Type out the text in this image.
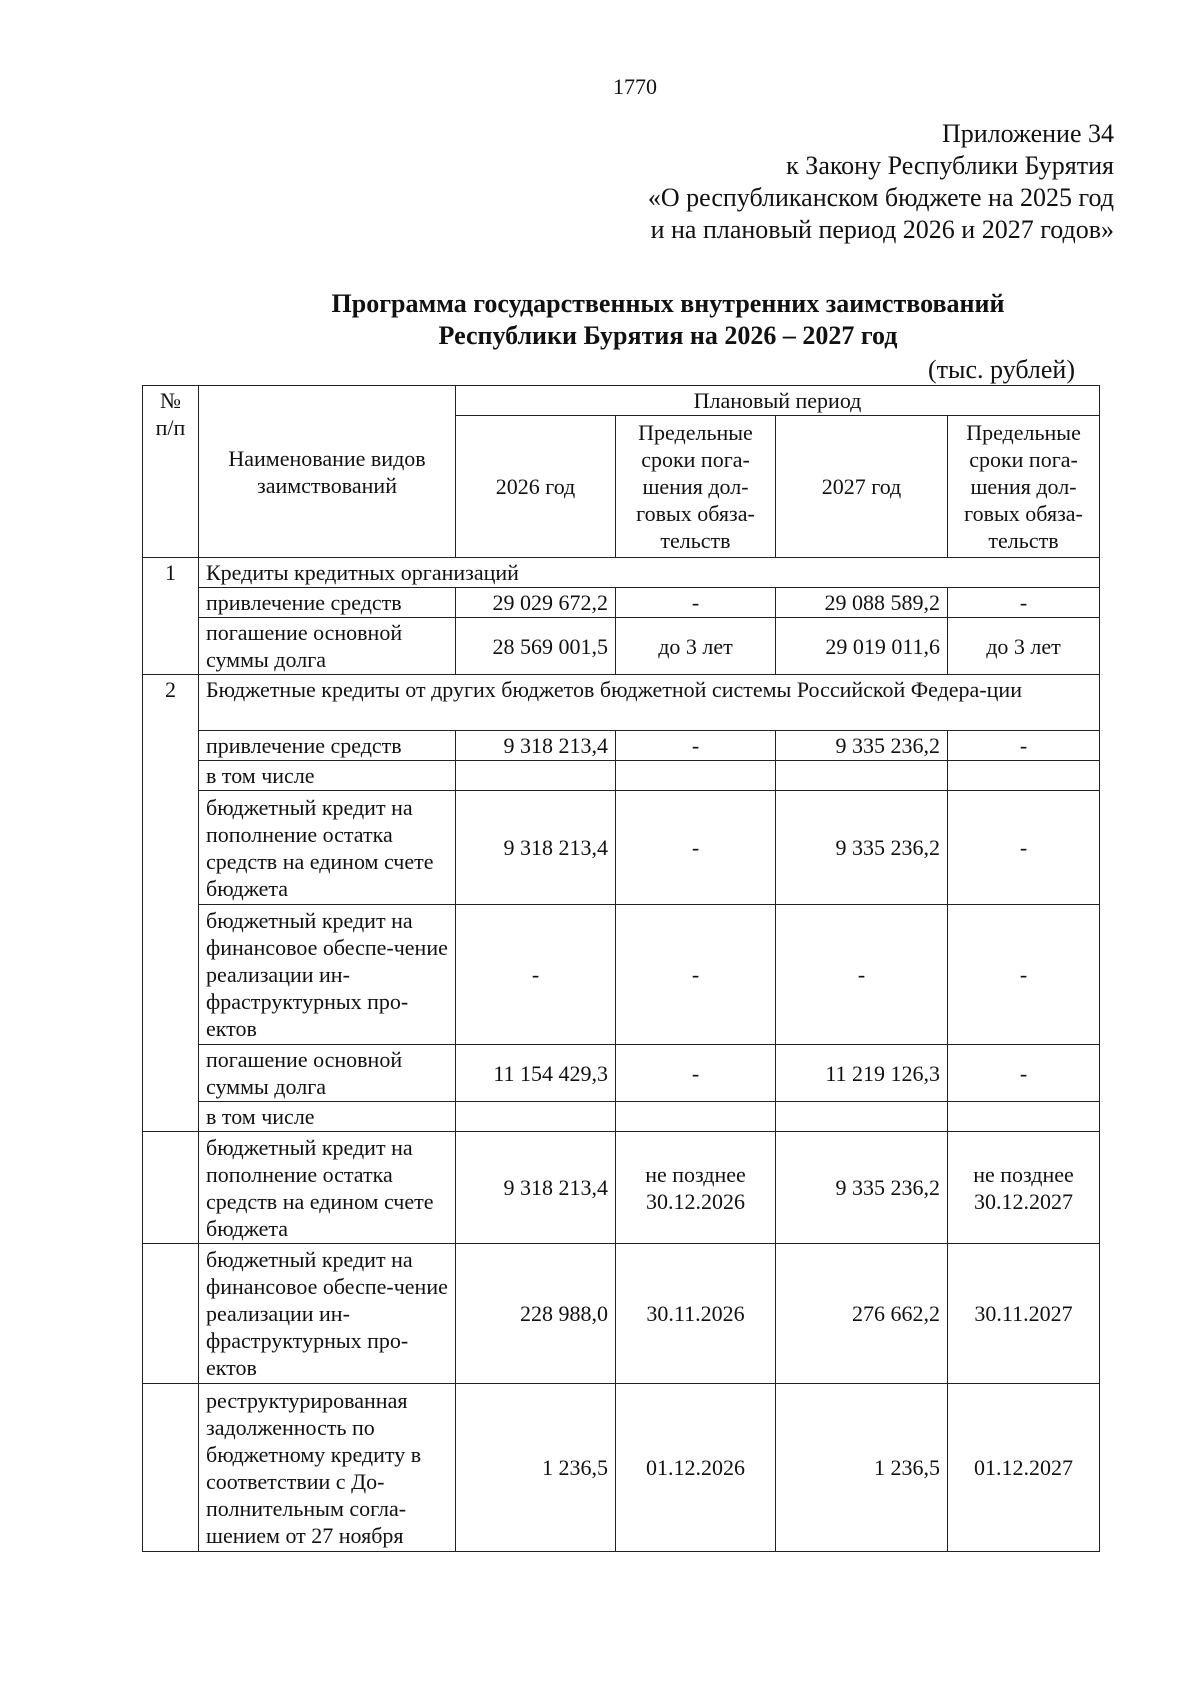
1770
Приложение 34
к Закону Республики Бурятия
«О республиканском бюджете на 2025 год
и на плановый период 2026 и 2027 годов»
Программа государственных внутренних заимствований
Республики Бурятия на 2026 – 2027 год
(тыс. рублей)
№ п/п	Наименование видов заимствований	Плановый период			
		2026 год	Предельные сроки пога-шения дол-говых обяза-тельств	2027 год	Предельные сроки пога-шения дол-говых обяза-тельств
1	Кредиты кредитных организаций				
	привлечение средств	29 029 672,2	-	29 088 589,2	-
	погашение основной суммы долга	28 569 001,5	до 3 лет	29 019 011,6	до 3 лет
2	Бюджетные кредиты от других бюджетов бюджетной системы Российской Федера-ции				
	привлечение средств	9 318 213,4	-	9 335 236,2	-
	в том числе				
	бюджетный кредит на пополнение остатка средств на едином счете бюджета	9 318 213,4	-	9 335 236,2	-
	бюджетный кредит на финансовое обеспе-чение реализации ин-фраструктурных про-ектов	-	-	-	-
	погашение основной суммы долга	11 154 429,3	-	11 219 126,3	-
	в том числе				
	бюджетный кредит на пополнение остатка средств на едином счете бюджета	9 318 213,4	не позднее 30.12.2026	9 335 236,2	не позднее 30.12.2027
	бюджетный кредит на финансовое обеспе-чение реализации ин-фраструктурных про-ектов	228 988,0	30.11.2026	276 662,2	30.11.2027
	реструктурированная задолженность по бюджетному кредиту в соответствии с До-полнительным согла-шением от 27 ноября	1 236,5	01.12.2026	1 236,5	01.12.2027
